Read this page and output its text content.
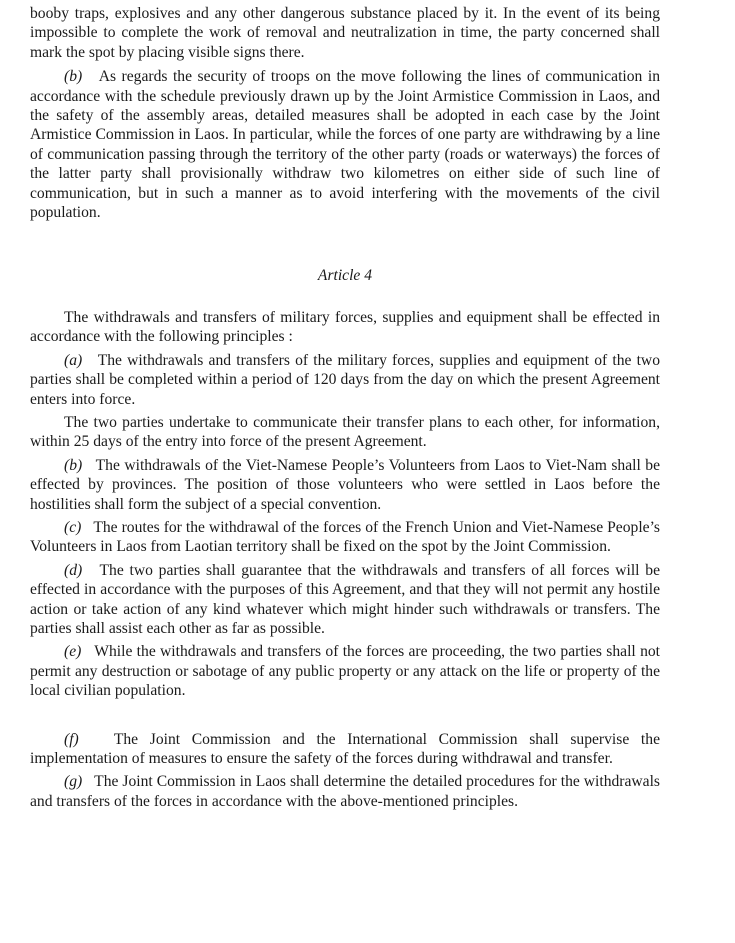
booby traps, explosives and any other dangerous substance placed by it. In the event of its being impossible to complete the work of removal and neutralization in time, the party concerned shall mark the spot by placing visible signs there.

(b) As regards the security of troops on the move following the lines of communication in accordance with the schedule previously drawn up by the Joint Armistice Commission in Laos, and the safety of the assembly areas, detailed measures shall be adopted in each case by the Joint Armistice Commission in Laos. In particular, while the forces of one party are withdrawing by a line of communication passing through the territory of the other party (roads or waterways) the forces of the latter party shall provisionally withdraw two kilometres on either side of such line of communication, but in such a manner as to avoid interfering with the movements of the civil population.

Article 4

The withdrawals and transfers of military forces, supplies and equipment shall be effected in accordance with the following principles :

(a) The withdrawals and transfers of the military forces, supplies and equipment of the two parties shall be completed within a period of 120 days from the day on which the present Agreement enters into force.

The two parties undertake to communicate their transfer plans to each other, for information, within 25 days of the entry into force of the present Agreement.

(b) The withdrawals of the Viet-Namese People’s Volunteers from Laos to Viet-Nam shall be effected by provinces. The position of those volunteers who were settled in Laos before the hostilities shall form the subject of a special convention.

(c) The routes for the withdrawal of the forces of the French Union and Viet-Namese People’s Volunteers in Laos from Laotian territory shall be fixed on the spot by the Joint Commission.

(d) The two parties shall guarantee that the withdrawals and transfers of all forces will be effected in accordance with the purposes of this Agreement, and that they will not permit any hostile action or take action of any kind whatever which might hinder such withdrawals or transfers. The parties shall assist each other as far as possible.

(e) While the withdrawals and transfers of the forces are proceeding, the two parties shall not permit any destruction or sabotage of any public property or any attack on the life or property of the local civilian population.

(f) The Joint Commission and the International Commission shall supervise the implementation of measures to ensure the safety of the forces during withdrawal and transfer.

(g) The Joint Commission in Laos shall determine the detailed procedures for the withdrawals and transfers of the forces in accordance with the above-mentioned principles.
